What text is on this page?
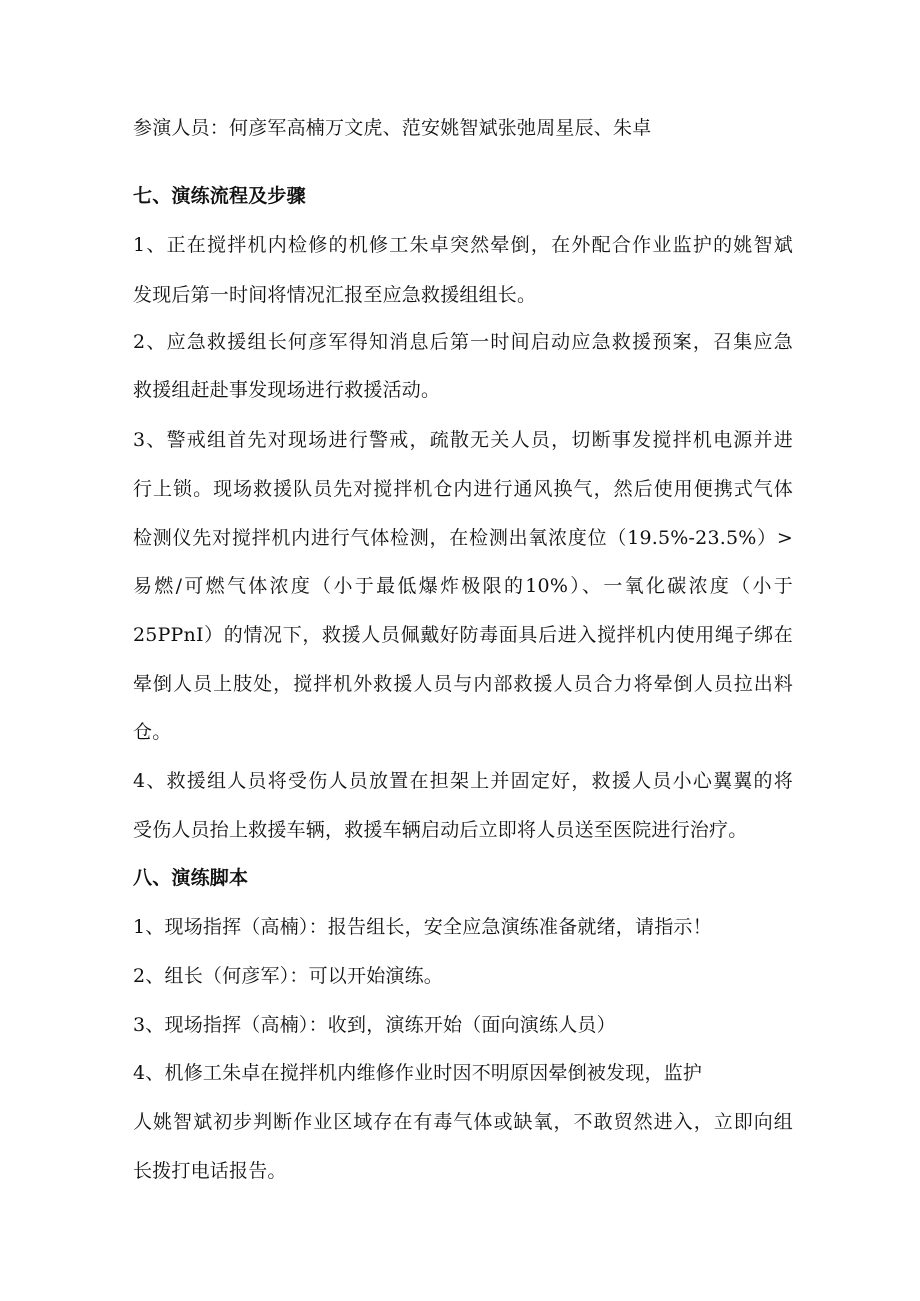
参演人员：何彦军高楠万文虎、范安姚智斌张弛周星辰、朱卓
七、演练流程及步骤
1、正在搅拌机内检修的机修工朱卓突然晕倒，在外配合作业监护的姚智斌
发现后第一时间将情况汇报至应急救援组组长。
2、应急救援组长何彦军得知消息后第一时间启动应急救援预案，召集应急
救援组赶赴事发现场进行救援活动。
3、警戒组首先对现场进行警戒，疏散无关人员，切断事发搅拌机电源并进
行上锁。现场救援队员先对搅拌机仓内进行通风换气，然后使用便携式气体
检测仪先对搅拌机内进行气体检测，在检测出氧浓度位（19.5%-23.5%）>
易燃/可燃气体浓度（小于最低爆炸极限的10%）、一氧化碳浓度（小于
25PPnI）的情况下，救援人员佩戴好防毒面具后进入搅拌机内使用绳子绑在
晕倒人员上肢处，搅拌机外救援人员与内部救援人员合力将晕倒人员拉出料
仓。
4、救援组人员将受伤人员放置在担架上并固定好，救援人员小心翼翼的将
受伤人员抬上救援车辆，救援车辆启动后立即将人员送至医院进行治疗。
八、演练脚本
1、现场指挥（高楠）：报告组长，安全应急演练准备就绪，请指示！
2、组长（何彦军）：可以开始演练。
3、现场指挥（高楠）：收到，演练开始（面向演练人员）
4、机修工朱卓在搅拌机内维修作业时因不明原因晕倒被发现，监护
人姚智斌初步判断作业区域存在有毒气体或缺氧，不敢贸然进入，立即向组
长拨打电话报告。
